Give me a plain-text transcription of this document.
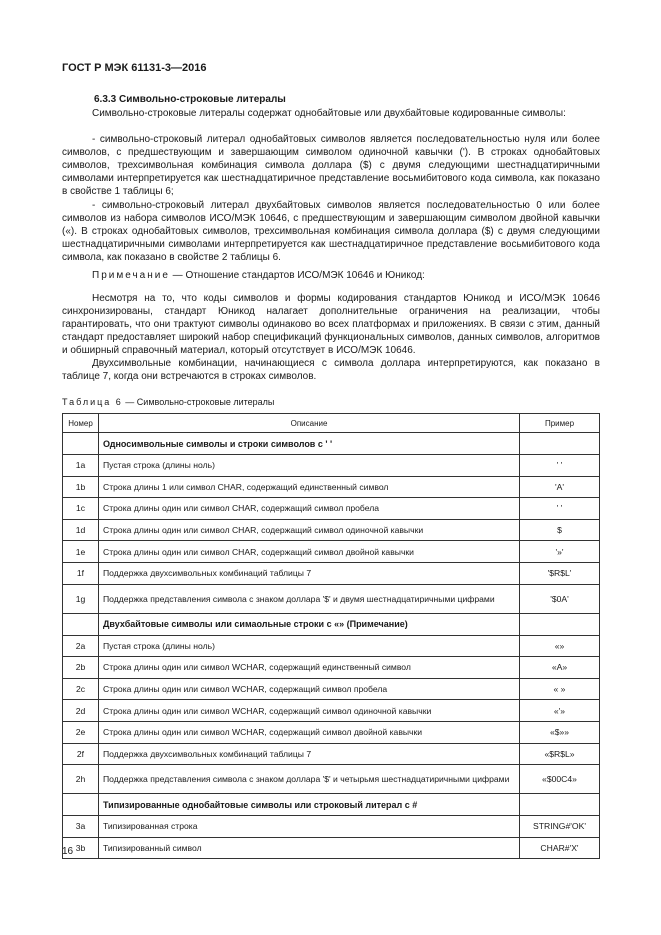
ГОСТ Р МЭК 61131-3—2016
6.3.3 Символьно-строковые литералы

Символьно-строковые литералы содержат однобайтовые или двухбайтовые кодированные символы:

- символьно-строковый литерал однобайтовых символов является последовательностью нуля или более символов, с предшествующим и завершающим символом одиночной кавычки ('). В строках однобайтовых символов, трехсимвольная комбинация символа доллара ($) с двумя следующими шестнадцатиричными символами интерпретируется как шестнадцатиричное представление восьмибитового кода символа, как показано в свойстве 1 таблицы 6;

- символьно-строковый литерал двухбайтовых символов является последовательностью 0 или более символов из набора символов ИСО/МЭК 10646, с предшествующим и завершающим символом двойной кавычки («). В строках однобайтовых символов, трехсимвольная комбинация символа доллара ($) с двумя следующими шестнадцатиричными символами интерпретируется как шестнадцатиричное представление восьмибитового кода символа, как показано в свойстве 2 таблицы 6.

Примечание — Отношение стандартов ИСО/МЭК 10646 и Юникод:

Несмотря на то, что коды символов и формы кодирования стандартов Юникод и ИСО/МЭК 10646 синхронизированы, стандарт Юникод налагает дополнительные ограничения на реализации, чтобы гарантировать, что они трактуют символы одинаково во всех платформах и приложениях. В связи с этим, данный стандарт предоставляет широкий набор спецификаций функциональных символов, данных символов, алгоритмов и обширный справочный материал, который отсутствует в ИСО/МЭК 10646.

Двухсимвольные комбинации, начинающиеся с символа доллара интерпретируются, как показано в таблице 7, когда они встречаются в строках символов.

Таблица 6 — Символьно-строковые литералы
Номер	Описание	Пример
	Односимвольные символы и строки символов с ' '	
1a	Пустая строка (длины ноль)	' '
1b	Строка длины 1 или символ CHAR, содержащий единственный символ	'A'
1c	Строка длины один или символ CHAR, содержащий символ пробела	' '
1d	Строка длины один или символ CHAR, содержащий символ одиночной кавычки	$
1e	Строка длины один или символ CHAR, содержащий символ двойной кавычки	'»'
1f	Поддержка двухсимвольных комбинаций таблицы 7	'$R$L'
1g	Поддержка представления символа с знаком доллара '$' и двумя шестнадцатиричными цифрами	'$0A'
	Двухбайтовые символы или симаольные строки с «» (Примечание)	
2a	Пустая строка (длины ноль)	«»
2b	Строка длины один или символ WCHAR, содержащий единственный символ	«A»
2c	Строка длины один или символ WCHAR, содержащий символ пробела	« »
2d	Строка длины один или символ WCHAR, содержащий символ одиночной кавычки	«'»
2e	Строка длины один или символ WCHAR, содержащий символ двойной кавычки	«$»»
2f	Поддержка двухсимвольных комбинаций таблицы 7	«$R$L»
2h	Поддержка представления символа с знаком доллара '$' и четырьмя шестнадцатиричными цифрами	«$00C4»
	Типизированные однобайтовые символы или строковый литерал с #	
3a	Типизированная строка	STRING#'OK'
3b	Типизированный символ	CHAR#'X'
16
